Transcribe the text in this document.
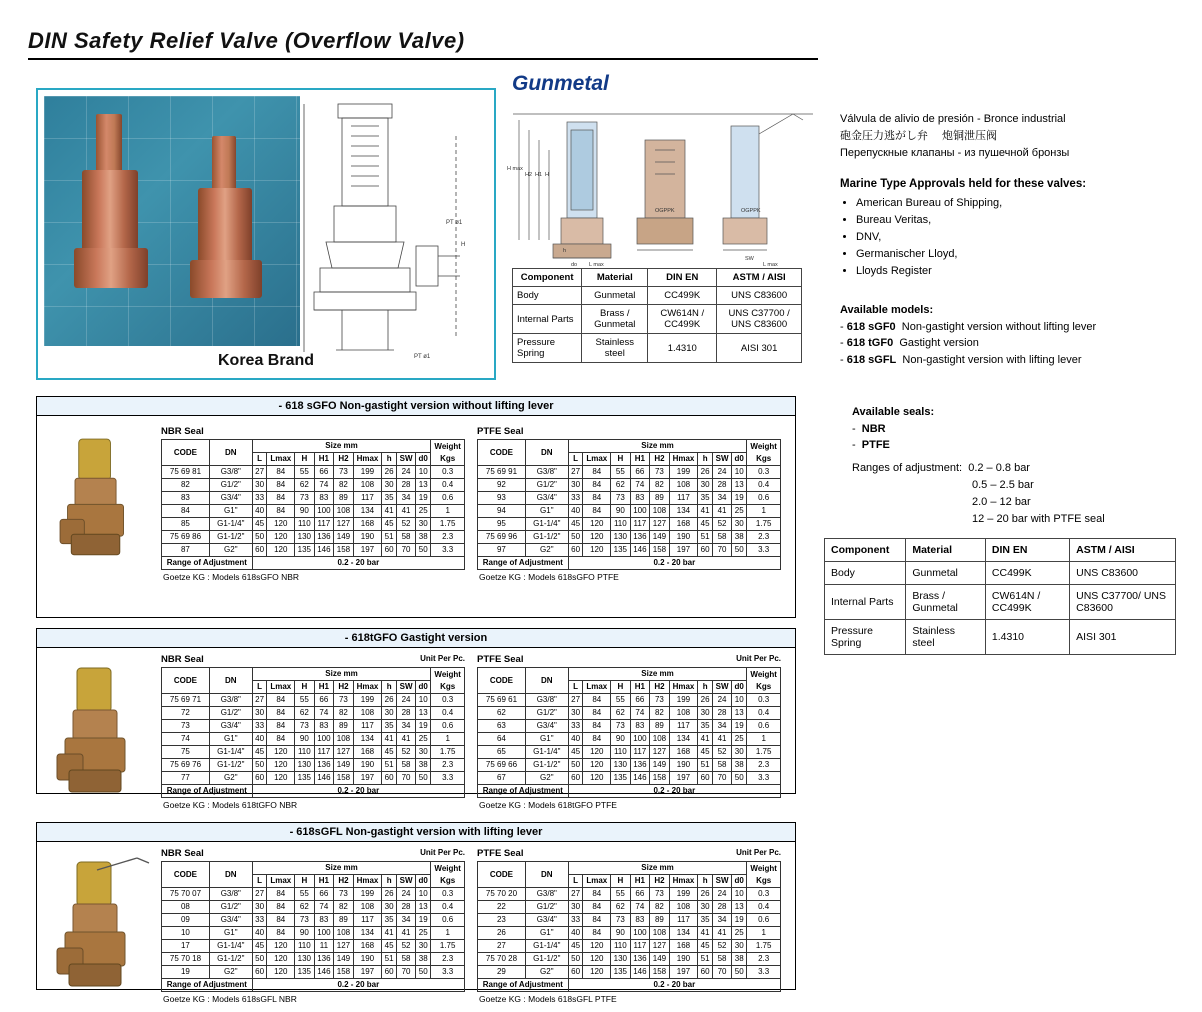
DIN Safety Relief Valve (Overflow Valve)
Gunmetal
Korea Brand
PT ø1
PT ø1
H
H max
H2 H1 H
h
do L max
SW
L max
OGPPK	OGPPK
Component	Material	DIN EN	ASTM / AISI
Body	Gunmetal	CC499K	UNS C83600
Internal Parts	Brass / Gunmetal	CW614N / CC499K	UNS C37700 / UNS C83600
Pressure Spring	Stainless steel	1.4310	AISI 301

Válvula de alivio de presión - Bronce industrial

砲金圧力逃がし弁 　炮铜泄压阀

Перепускные клапаны - из пушечной бронзы

Marine Type Approvals held for these valves:
• American Bureau of Shipping,
• Bureau Veritas,
• DNV,
• Germanischer Lloyd,
• Lloyds Register
Available models:
- 618 sGF0 Non-gastight version without lifting lever
- 618 tGF0 Gastight version
- 618 sGFL Non-gastight version with lifting lever
Available seals:
-  NBR
-  PTFE
Ranges of adjustment: 0.2 – 0.8 bar
0.5 – 2.5 bar
2.0 – 12 bar
12 – 20 bar with PTFE seal
Component	Material	DIN EN	ASTM / AISI
Body	Gunmetal	CC499K	UNS C83600
Internal Parts	Brass / Gunmetal	CW614N / CC499K	UNS C37700/ UNS C83600
Pressure Spring	Stainless steel	1.4310	AISI 301
- 618 sGFO Non-gastight version without lifting lever
NBR Seal
CODE	DN	Size mm									Weight
Kgs
		L	Lmax	H	H1	H2	Hmax	h	SW	d0	
75 69 81	G3/8"	27	84	55	66	73	199	26	24	10	0.3
82	G1/2"	30	84	62	74	82	108	30	28	13	0.4
83	G3/4"	33	84	73	83	89	117	35	34	19	0.6
84	G1"	40	84	90	100	108	134	41	41	25	1
85	G1-1/4"	45	120	110	117	127	168	45	52	30	1.75
75 69 86	G1-1/2"	50	120	130	136	149	190	51	58	38	2.3
87	G2"	60	120	135	146	158	197	60	70	50	3.3
Range of Adjustment		0.2 - 20 bar									
Goetze KG : Models 618sGFO NBR
PTFE Seal
CODE	DN	Size mm									Weight
Kgs
		L	Lmax	H	H1	H2	Hmax	h	SW	d0	
75 69 91	G3/8"	27	84	55	66	73	199	26	24	10	0.3
92	G1/2"	30	84	62	74	82	108	30	28	13	0.4
93	G3/4"	33	84	73	83	89	117	35	34	19	0.6
94	G1"	40	84	90	100	108	134	41	41	25	1
95	G1-1/4"	45	120	110	117	127	168	45	52	30	1.75
75 69 96	G1-1/2"	50	120	130	136	149	190	51	58	38	2.3
97	G2"	60	120	135	146	158	197	60	70	50	3.3
Range of Adjustment		0.2 - 20 bar									
Goetze KG : Models 618sGFO PTFE
- 618tGFO Gastight version
Unit Per Pc.
NBR Seal
CODE	DN	Size mm									Weight
Kgs
		L	Lmax	H	H1	H2	Hmax	h	SW	d0	
75 69 71	G3/8"	27	84	55	66	73	199	26	24	10	0.3
72	G1/2"	30	84	62	74	82	108	30	28	13	0.4
73	G3/4"	33	84	73	83	89	117	35	34	19	0.6
74	G1"	40	84	90	100	108	134	41	41	25	1
75	G1-1/4"	45	120	110	117	127	168	45	52	30	1.75
75 69 76	G1-1/2"	50	120	130	136	149	190	51	58	38	2.3
77	G2"	60	120	135	146	158	197	60	70	50	3.3
Range of Adjustment		0.2 - 20 bar									
Goetze KG : Models 618tGFO NBR
Unit Per Pc.
PTFE Seal
CODE	DN	Size mm									Weight
Kgs
		L	Lmax	H	H1	H2	Hmax	h	SW	d0	
75 69 61	G3/8"	27	84	55	66	73	199	26	24	10	0.3
62	G1/2"	30	84	62	74	82	108	30	28	13	0.4
63	G3/4"	33	84	73	83	89	117	35	34	19	0.6
64	G1"	40	84	90	100	108	134	41	41	25	1
65	G1-1/4"	45	120	110	117	127	168	45	52	30	1.75
75 69 66	G1-1/2"	50	120	130	136	149	190	51	58	38	2.3
67	G2"	60	120	135	146	158	197	60	70	50	3.3
Range of Adjustment		0.2 - 20 bar									
Goetze KG : Models 618tGFO PTFE
- 618sGFL Non-gastight version with lifting lever
Unit Per Pc.
NBR Seal
CODE	DN	Size mm									Weight
Kgs
		L	Lmax	H	H1	H2	Hmax	h	SW	d0	
75 70 07	G3/8"	27	84	55	66	73	199	26	24	10	0.3
08	G1/2"	30	84	62	74	82	108	30	28	13	0.4
09	G3/4"	33	84	73	83	89	117	35	34	19	0.6
10	G1"	40	84	90	100	108	134	41	41	25	1
17	G1-1/4"	45	120	110	11	127	168	45	52	30	1.75
75 70 18	G1-1/2"	50	120	130	136	149	190	51	58	38	2.3
19	G2"	60	120	135	146	158	197	60	70	50	3.3
Range of Adjustment		0.2 - 20 bar									
Goetze KG : Models 618sGFL NBR
Unit Per Pc.
PTFE Seal
CODE	DN	Size mm									Weight
Kgs
		L	Lmax	H	H1	H2	Hmax	h	SW	d0	
75 70 20	G3/8"	27	84	55	66	73	199	26	24	10	0.3
22	G1/2"	30	84	62	74	82	108	30	28	13	0.4
23	G3/4"	33	84	73	83	89	117	35	34	19	0.6
26	G1"	40	84	90	100	108	134	41	41	25	1
27	G1-1/4"	45	120	110	117	127	168	45	52	30	1.75
75 70 28	G1-1/2"	50	120	130	136	149	190	51	58	38	2.3
29	G2"	60	120	135	146	158	197	60	70	50	3.3
Range of Adjustment		0.2 - 20 bar									
Goetze KG : Models 618sGFL PTFE
